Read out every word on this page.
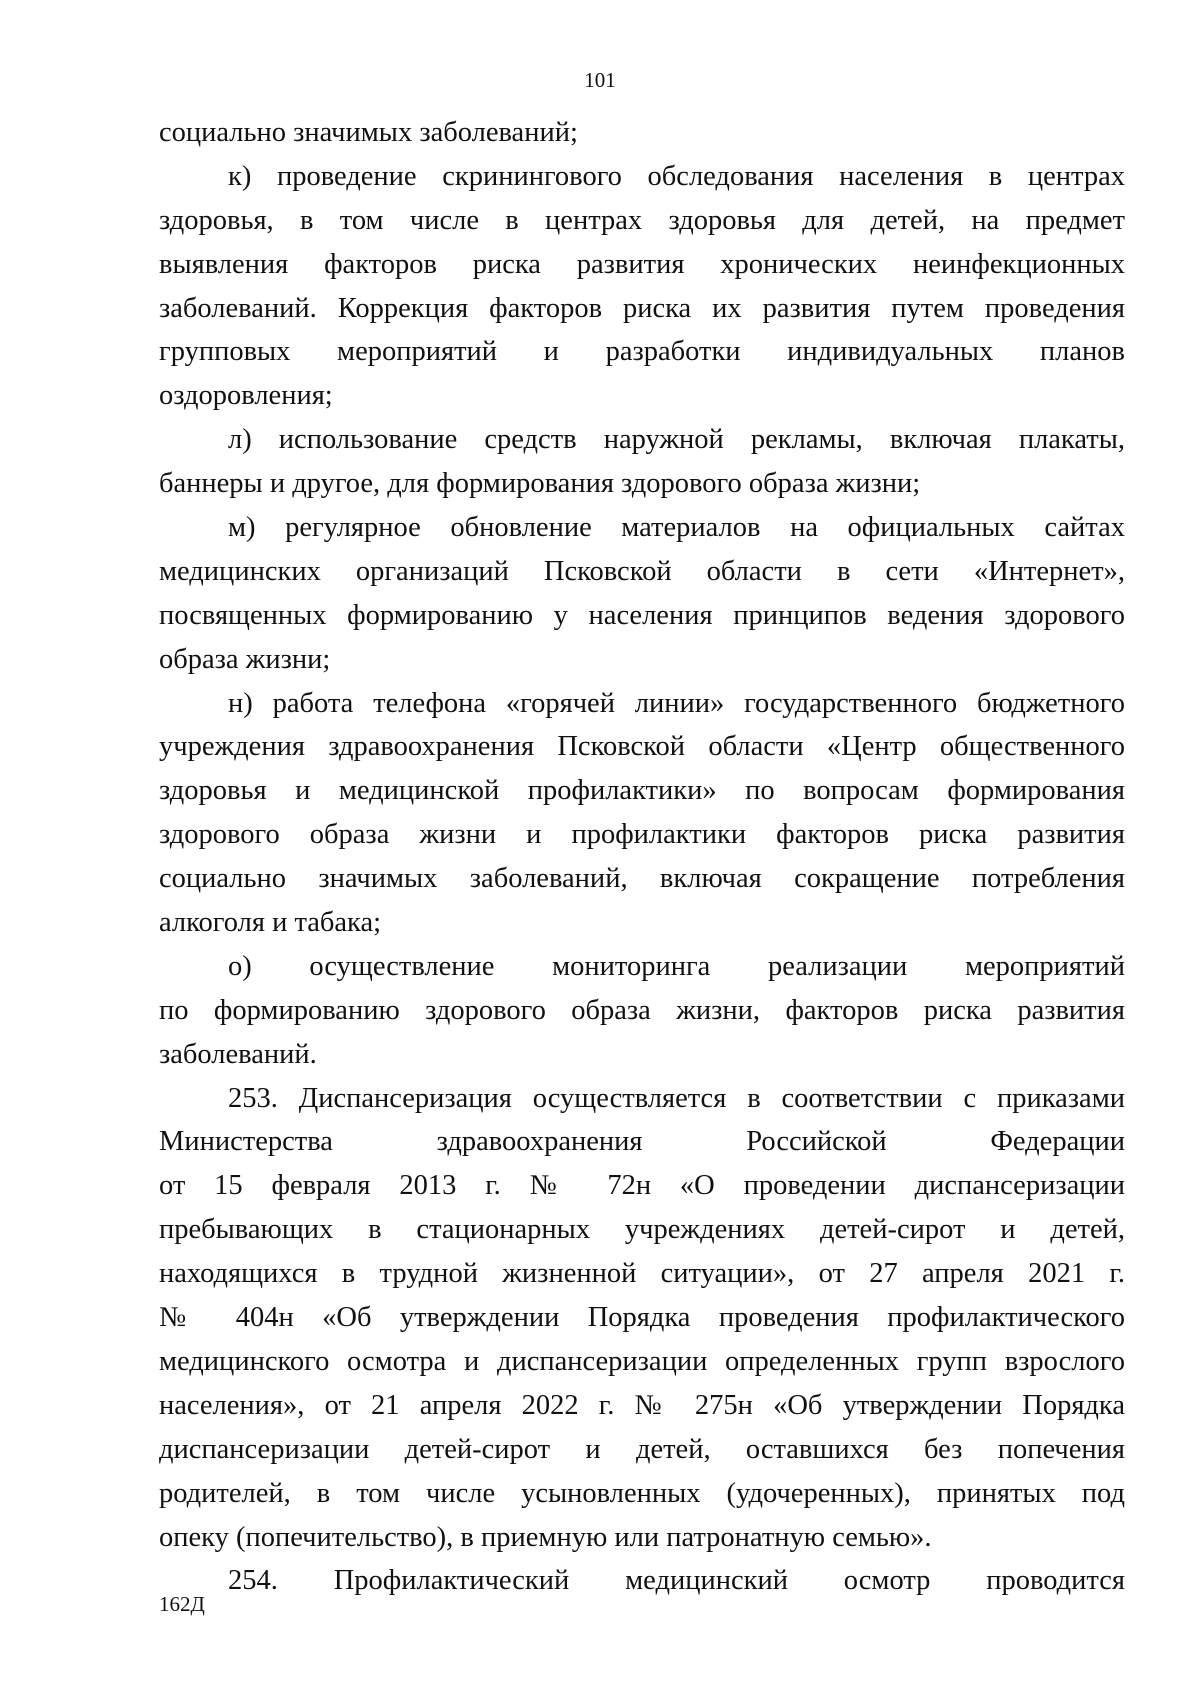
101
социально значимых заболеваний;
к) проведение скринингового обследования населения в центрах
здоровья, в том числе в центрах здоровья для детей, на предмет
выявления факторов риска развития хронических неинфекционных
заболеваний. Коррекция факторов риска их развития путем проведения
групповых мероприятий и разработки индивидуальных планов
оздоровления;
л) использование средств наружной рекламы, включая плакаты,
баннеры и другое, для формирования здорового образа жизни;
м) регулярное обновление материалов на официальных сайтах
медицинских организаций Псковской области в сети «Интернет»,
посвященных формированию у населения принципов ведения здорового
образа жизни;
н) работа телефона «горячей линии» государственного бюджетного
учреждения здравоохранения Псковской области «Центр общественного
здоровья и медицинской профилактики» по вопросам формирования
здорового образа жизни и профилактики факторов риска развития
социально значимых заболеваний, включая сокращение потребления
алкоголя и табака;
о) осуществление мониторинга реализации мероприятий
по формированию здорового образа жизни, факторов риска развития
заболеваний.
253. Диспансеризация осуществляется в соответствии с приказами
Министерства здравоохранения Российской Федерации
от 15 февраля 2013 г. № 72н «О проведении диспансеризации
пребывающих в стационарных учреждениях детей-сирот и детей,
находящихся в трудной жизненной ситуации», от 27 апреля 2021 г.
№ 404н «Об утверждении Порядка проведения профилактического
медицинского осмотра и диспансеризации определенных групп взрослого
населения», от 21 апреля 2022 г. № 275н «Об утверждении Порядка
диспансеризации детей-сирот и детей, оставшихся без попечения
родителей, в том числе усыновленных (удочеренных), принятых под
опеку (попечительство), в приемную или патронатную семью».
254. Профилактический медицинский осмотр проводится
162Д
